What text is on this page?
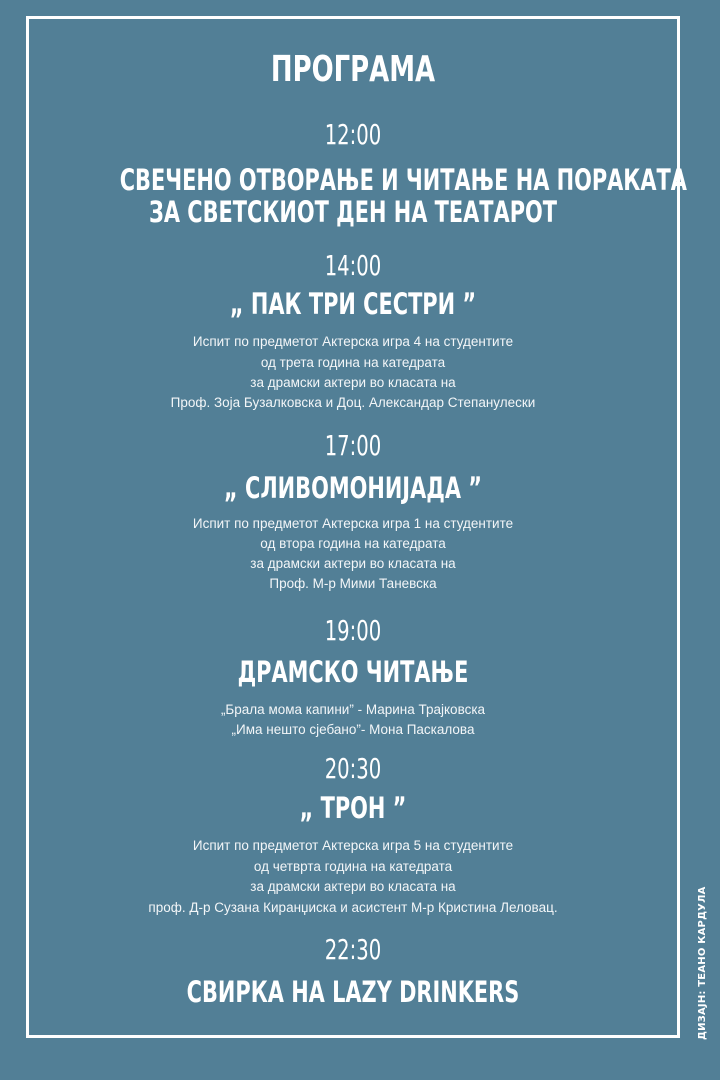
ПРОГРАМА
12:00
СВЕЧЕНО ОТВОРАЊЕ И ЧИТАЊЕ НА ПОРАКАТА
ЗА СВЕТСКИОТ ДЕН НА ТЕАТАРОТ
14:00
„ ПАК ТРИ СЕСТРИ ”
Испит по предметот Актерска игра 4 на студентите
од трета година на катедрата
за драмски актери во класата на
Проф. Зоја Бузалковска и Доц. Александар Степанулески
17:00
„ СЛИВОМОНИЈАДА ”
Испит по предметот Актерска игра 1 на студентите
од втора година на катедрата
за драмски актери во класата на
Проф. М-р Мими Таневска
19:00
ДРАМСКО ЧИТАЊЕ
„Брала мома капини” - Марина Трајковска
„Има нешто сјебано”- Мона Паскалова
20:30
„ ТРОН ”
Испит по предметот Актерска игра 5 на студентите
од четврта година на катедрата
за драмски актери во класата на
проф. Д-р Сузана Киранџиска и асистент М-р Кристина Леловац.
22:30
СВИРКА НА LAZY DRINKERS	ДИЗАЈН: ТЕАНО КАРДУЛА
